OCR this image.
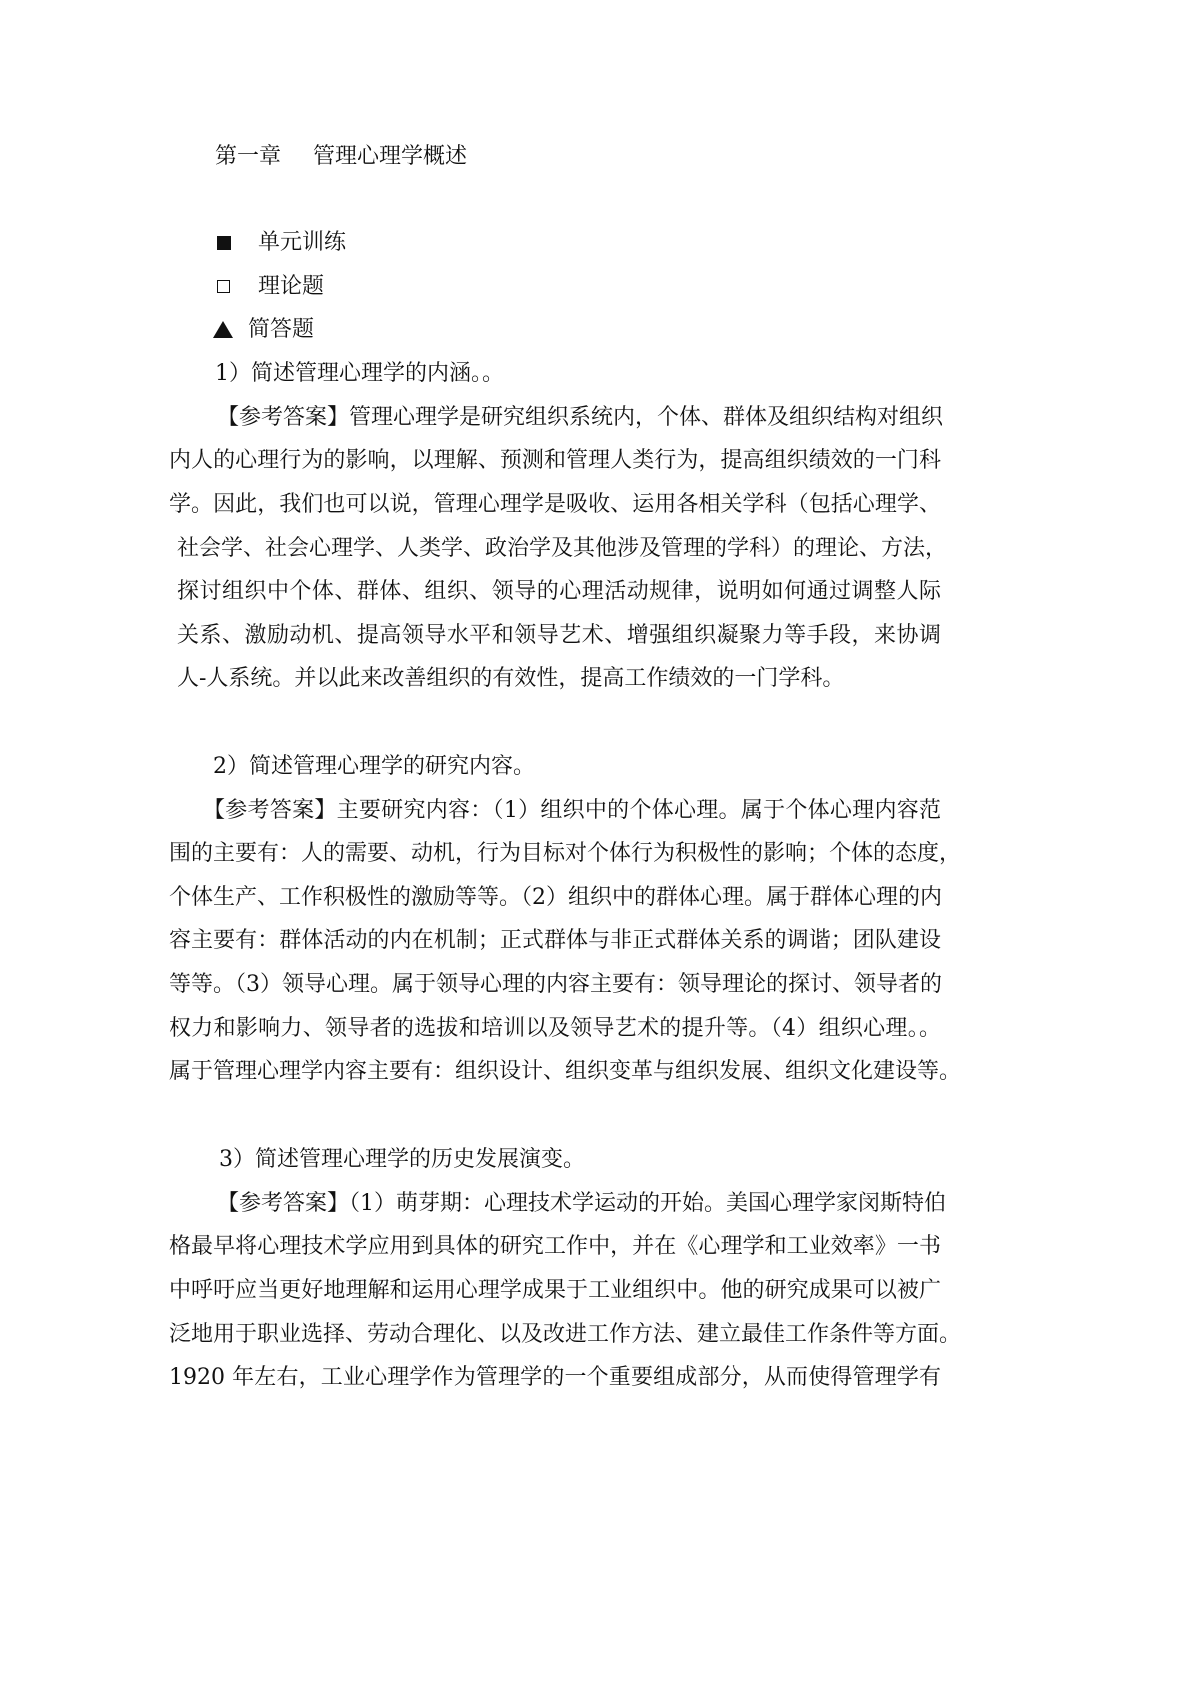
第一章 管理心理学概述
单元训练
理论题
简答题
1）简述管理心理学的内涵。。
【参考答案】管理心理学是研究组织系统内，个体、群体及组织结构对组织
内人的心理行为的影响，以理解、预测和管理人类行为，提高组织绩效的一门科
学。因此，我们也可以说，管理心理学是吸收、运用各相关学科（包括心理学、
社会学、社会心理学、人类学、政治学及其他涉及管理的学科）的理论、方法，
探讨组织中个体、群体、组织、领导的心理活动规律，说明如何通过调整人际
关系、激励动机、提高领导水平和领导艺术、增强组织凝聚力等手段，来协调
人-人系统。并以此来改善组织的有效性，提高工作绩效的一门学科。
2）简述管理心理学的研究内容。
【参考答案】主要研究内容：（1）组织中的个体心理。属于个体心理内容范
围的主要有：人的需要、动机，行为目标对个体行为积极性的影响；个体的态度，
个体生产、工作积极性的激励等等。（2）组织中的群体心理。属于群体心理的内
容主要有：群体活动的内在机制；正式群体与非正式群体关系的调谐；团队建设
等等。（3）领导心理。属于领导心理的内容主要有：领导理论的探讨、领导者的
权力和影响力、领导者的选拔和培训以及领导艺术的提升等。（4）组织心理。。
属于管理心理学内容主要有：组织设计、组织变革与组织发展、组织文化建设等。
3）简述管理心理学的历史发展演变。
【参考答案】（1）萌芽期：心理技术学运动的开始。美国心理学家闵斯特伯
格最早将心理技术学应用到具体的研究工作中，并在《心理学和工业效率》一书
中呼吁应当更好地理解和运用心理学成果于工业组织中。他的研究成果可以被广
泛地用于职业选择、劳动合理化、以及改进工作方法、建立最佳工作条件等方面。
1920 年左右，工业心理学作为管理学的一个重要组成部分，从而使得管理学有
